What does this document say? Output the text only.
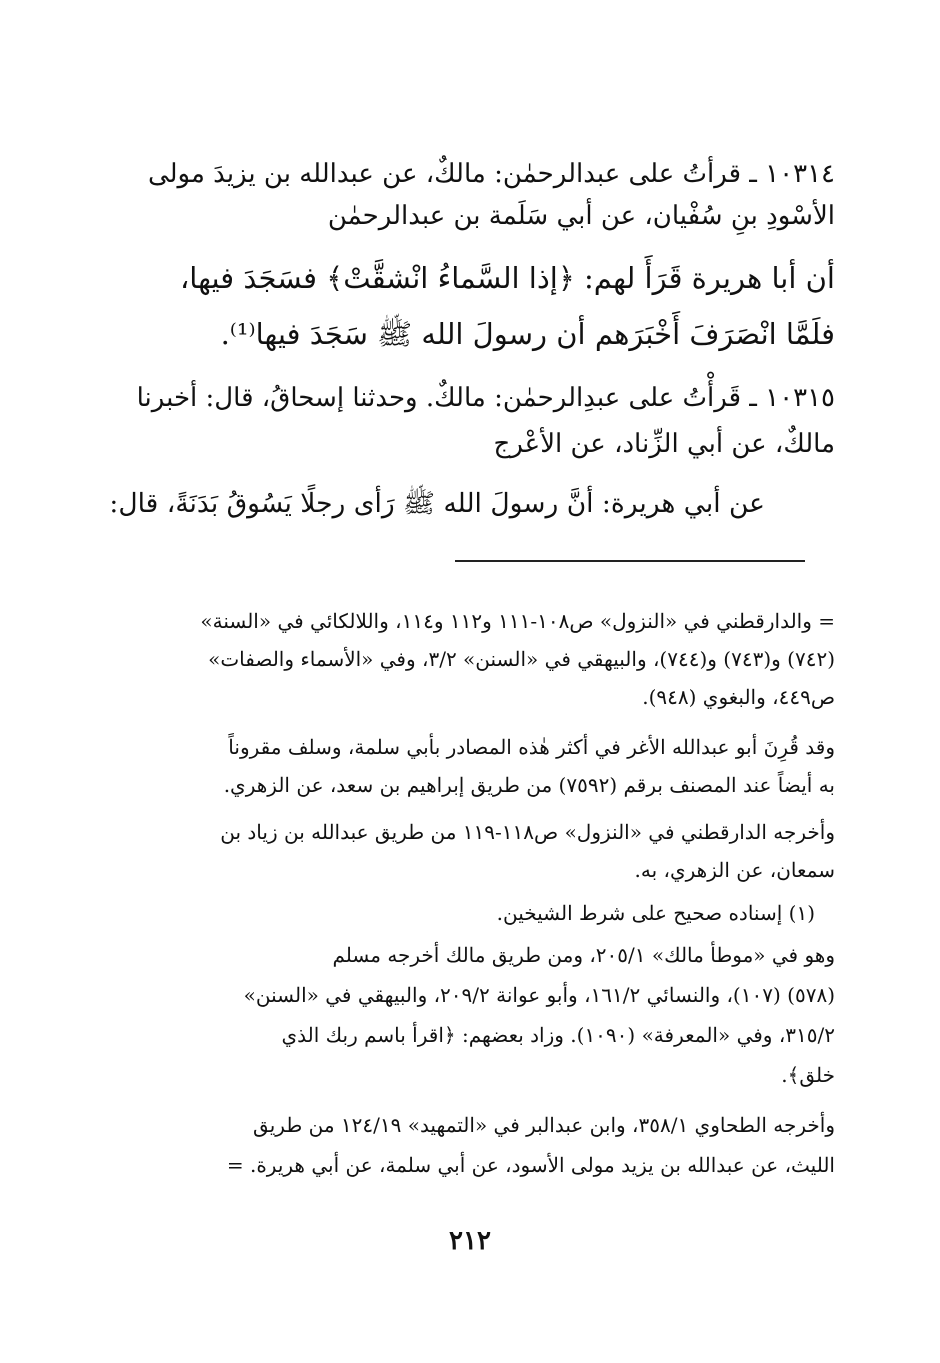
١٠٣١٤ ـ قرأتُ على عبدالرحمٰن: مالكٌ، عن عبدالله بن يزيدَ مولى
الأسْودِ بنِ سُفْيان، عن أبي سَلَمة بن عبدالرحمٰن
أن أبا هريرة قَرَأَ لهم: ﴿إذا السَّماءُ انْشقَّتْ﴾ فسَجَدَ فيها،
فلَمَّا انْصَرَفَ أَخْبَرَهم أن رسولَ الله ﷺ سَجَدَ فيها⁽¹⁾.
١٠٣١٥ ـ قَرأْتُ على عبدِالرحمٰن: مالكٌ. وحدثنا إسحاقُ، قال: أخبرنا
مالكٌ، عن أبي الزِّناد، عن الأعْرج
عن أبي هريرة: أنَّ رسولَ الله ﷺ رَأى رجلًا يَسُوقُ بَدَنَةً، قال:
= والدارقطني في «النزول» ص١٠٨-١١١ و١١٢ و١١٤، واللالكائي في «السنة»
(٧٤٢) و(٧٤٣) و(٧٤٤)، والبيهقي في «السنن» ٣/٢، وفي «الأسماء والصفات»
ص٤٤٩، والبغوي (٩٤٨).
وقد قُرِنَ أبو عبدالله الأغر في أكثر هٰذه المصادر بأبي سلمة، وسلف مقروناً
به أيضاً عند المصنف برقم (٧٥٩٢) من طريق إبراهيم بن سعد، عن الزهري.
وأخرجه الدارقطني في «النزول» ص١١٨-١١٩ من طريق عبدالله بن زياد بن
سمعان، عن الزهري، به.
(١) إسناده صحيح على شرط الشيخين.
وهو في «موطأ مالك» ٢٠٥/١، ومن طريق مالك أخرجه مسلم
(٥٧٨) (١٠٧)، والنسائي ١٦١/٢، وأبو عوانة ٢٠٩/٢، والبيهقي في «السنن»
٣١٥/٢، وفي «المعرفة» (١٠٩٠). وزاد بعضهم: ﴿اقرأ باسم ربك الذي
خلق﴾.
وأخرجه الطحاوي ٣٥٨/١، وابن عبدالبر في «التمهيد» ١٢٤/١٩ من طريق
الليث، عن عبدالله بن يزيد مولى الأسود، عن أبي سلمة، عن أبي هريرة. =
٢١٢
